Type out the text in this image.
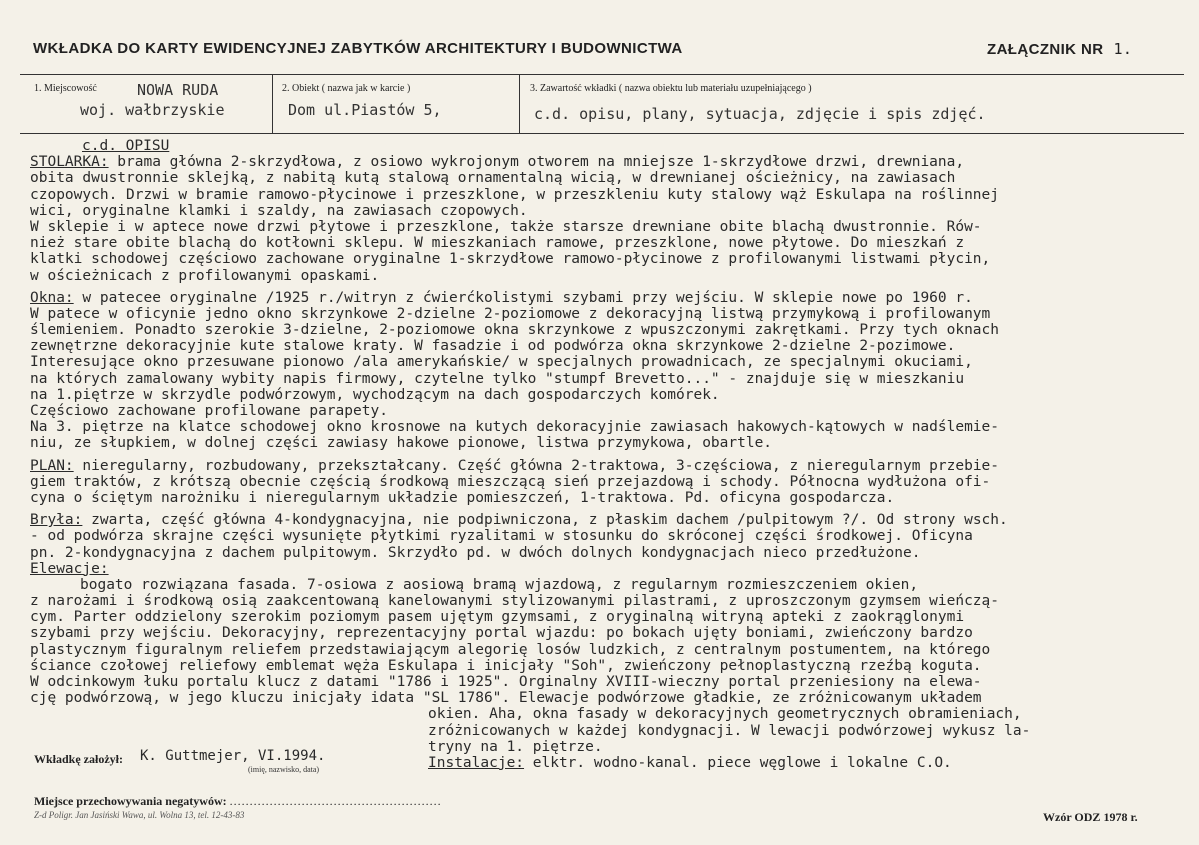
WKŁADKA DO KARTY EWIDENCYJNEJ ZABYTKÓW ARCHITEKTURY I BUDOWNICTWA	ZAŁĄCZNIK NR 1.
1. Miejscowość	NOWA RUDA
woj. wałbrzyskie
2. Obiekt ( nazwa jak w karcie )
Dom ul.Piastów 5,
3. Zawartość wkładki ( nazwa obiektu lub materiału uzupełniającego )
c.d. opisu, plany, sytuacja, zdjęcie i spis zdjęć.
c.d. OPISU
STOLARKA: brama główna 2-skrzydłowa, z osiowo wykrojonym otworem na mniejsze 1-skrzydłowe drzwi, drewniana,
obita dwustronnie sklejką, z nabitą kutą stalową ornamentalną wicią, w drewnianej ościeżnicy, na zawiasach
czopowych. Drzwi w bramie ramowo-płycinowe i przeszklone, w przeszkleniu kuty stalowy wąż Eskulapa na roślinnej
wici, oryginalne klamki i szaldy, na zawiasach czopowych.
W sklepie i w aptece nowe drzwi płytowe i przeszklone, także starsze drewniane obite blachą dwustronnie. Rów-
nież stare obite blachą do kotłowni sklepu. W mieszkaniach ramowe, przeszklone, nowe płytowe. Do mieszkań z
klatki schodowej częściowo zachowane oryginalne 1-skrzydłowe ramowo-płycinowe z profilowanymi listwami płycin,
w ościeżnicach z profilowanymi opaskami.
Okna: w patecee oryginalne /1925 r./witryn z ćwierćkolistymi szybami przy wejściu. W sklepie nowe po 1960 r.
W patece w oficynie jedno okno skrzynkowe 2-dzielne 2-poziomowe z dekoracyjną listwą przymykową i profilowanym
ślemieniem. Ponadto szerokie 3-dzielne, 2-poziomowe okna skrzynkowe z wpuszczonymi zakrętkami. Przy tych oknach
zewnętrzne dekoracyjnie kute stalowe kraty. W fasadzie i od podwórza okna skrzynkowe 2-dzielne 2-pozimowe.
Interesujące okno przesuwane pionowo /ala amerykańskie/ w specjalnych prowadnicach, ze specjalnymi okuciami,
na których zamalowany wybity napis firmowy, czytelne tylko "stumpf Brevetto..." - znajduje się w mieszkaniu
na 1.piętrze w skrzydle podwórzowym, wychodzącym na dach gospodarczych komórek.
Częściowo zachowane profilowane parapety.
Na 3. piętrze na klatce schodowej okno krosnowe na kutych dekoracyjnie zawiasach hakowych-kątowych w nadślemie-
niu, ze słupkiem, w dolnej części zawiasy hakowe pionowe, listwa przymykowa, obartle.
PLAN: nieregularny, rozbudowany, przekształcany. Część główna 2-traktowa, 3-częściowa, z nieregularnym przebie-
giem traktów, z krótszą obecnie częścią środkową mieszczącą sień przejazdową i schody. Północna wydłużona ofi-
cyna o ściętym narożniku i nieregularnym układzie pomieszczeń, 1-traktowa. Pd. oficyna gospodarcza.
Bryła: zwarta, część główna 4-kondygnacyjna, nie podpiwniczona, z płaskim dachem /pulpitowym ?/. Od strony wsch.
- od podwórza skrajne części wysunięte płytkimi ryzalitami w stosunku do skróconej części środkowej. Oficyna
pn. 2-kondygnacyjna z dachem pulpitowym. Skrzydło pd. w dwóch dolnych kondygnacjach nieco przedłużone.
Elewacje:
bogato rozwiązana fasada. 7-osiowa z aosiową bramą wjazdową, z regularnym rozmieszczeniem okien,
z narożami i środkową osią zaakcentowaną kanelowanymi stylizowanymi pilastrami, z uproszczonym gzymsem wieńczą-
cym. Parter oddzielony szerokim poziomym pasem ujętym gzymsami, z oryginalną witryną apteki z zaokrąglonymi
szybami przy wejściu. Dekoracyjny, reprezentacyjny portal wjazdu: po bokach ujęty boniami, zwieńczony bardzo
plastycznym figuralnym reliefem przedstawiającym alegorię losów ludzkich, z centralnym postumentem, na którego
ściance czołowej reliefowy emblemat węża Eskulapa i inicjały "Soh", zwieńczony pełnoplastyczną rzeźbą koguta.
W odcinkowym łuku portalu klucz z datami "1786 i 1925". Orginalny XVIII-wieczny portal przeniesiony na elewa-
cję podwórzową, w jego kluczu inicjały idata "SL 1786". Elewacje podwórzowe gładkie, ze zróżnicowanym układem
okien. Aha, okna fasady w dekoracyjnych geometrycznych obramieniach,
zróżnicowanych w każdej kondygnacji. W lewacji podwórzowej wykusz la-
tryny na 1. piętrze.
Instalacje: elktr. wodno-kanal. piece węglowe i lokalne C.O.
Wkładkę założył: K. Guttmejer, VI.1994.
(imię, nazwisko, data)
Miejsce przechowywania negatywów: .....................................................
Z-d Poligr. Jan Jasiński Wawa, ul. Wolna 13, tel. 12-43-83	Wzór ODZ 1978 r.
